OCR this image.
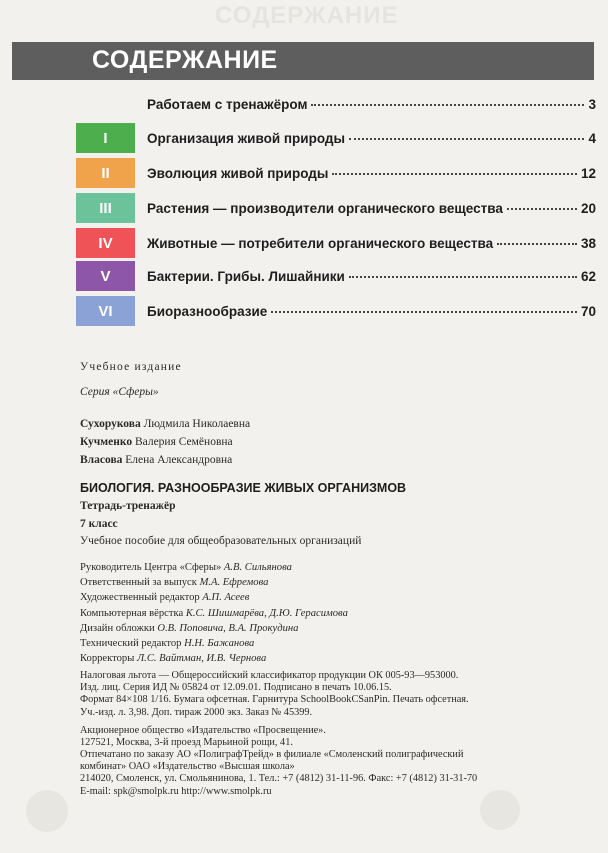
СОДЕРЖАНИЕ
СОДЕРЖАНИЕ
Работаем с тренажёром	3
I	Организация живой природы	4
II	Эволюция живой природы	12
III	Растения — производители органического вещества	20
IV	Животные — потребители органического вещества	38
V	Бактерии. Грибы. Лишайники	62
VI	Биоразнообразие	70
Учебное издание
Серия «Сферы»
Сухорукова Людмила Николаевна
Кучменко Валерия Семёновна
Власова Елена Александровна
БИОЛОГИЯ. РАЗНООБРАЗИЕ ЖИВЫХ ОРГАНИЗМОВ
Тетрадь-тренажёр
7 класс
Учебное пособие для общеобразовательных организаций
Руководитель Центра «Сферы» А.В. Сильянова
Ответственный за выпуск М.А. Ефремова
Художественный редактор А.П. Асеев
Компьютерная вёрстка К.С. Шишмарёва, Д.Ю. Герасимова
Дизайн обложки О.В. Поповича, В.А. Прокудина
Технический редактор Н.Н. Бажанова
Корректоры Л.С. Вайтман, И.В. Чернова
Налоговая льгота — Общероссийский классификатор продукции ОК 005-93—953000.
Изд. лиц. Серия ИД № 05824 от 12.09.01. Подписано в печать 10.06.15.
Формат 84×108 1/16. Бумага офсетная. Гарнитура SchoolBookCSanPin. Печать офсетная.
Уч.-изд. л. 3,98. Доп. тираж 2000 экз. Заказ № 45399.
Акционерное общество «Издательство «Просвещение».
127521, Москва, 3-й проезд Марьиной рощи, 41.
Отпечатано по заказу АО «ПолиграфТрейд» в филиале «Смоленский полиграфический
комбинат» ОАО «Издательство «Высшая школа»
214020, Смоленск, ул. Смольянинова, 1. Тел.: +7 (4812) 31-11-96. Факс: +7 (4812) 31-31-70
E-mail: spk@smolpk.ru http://www.smolpk.ru
